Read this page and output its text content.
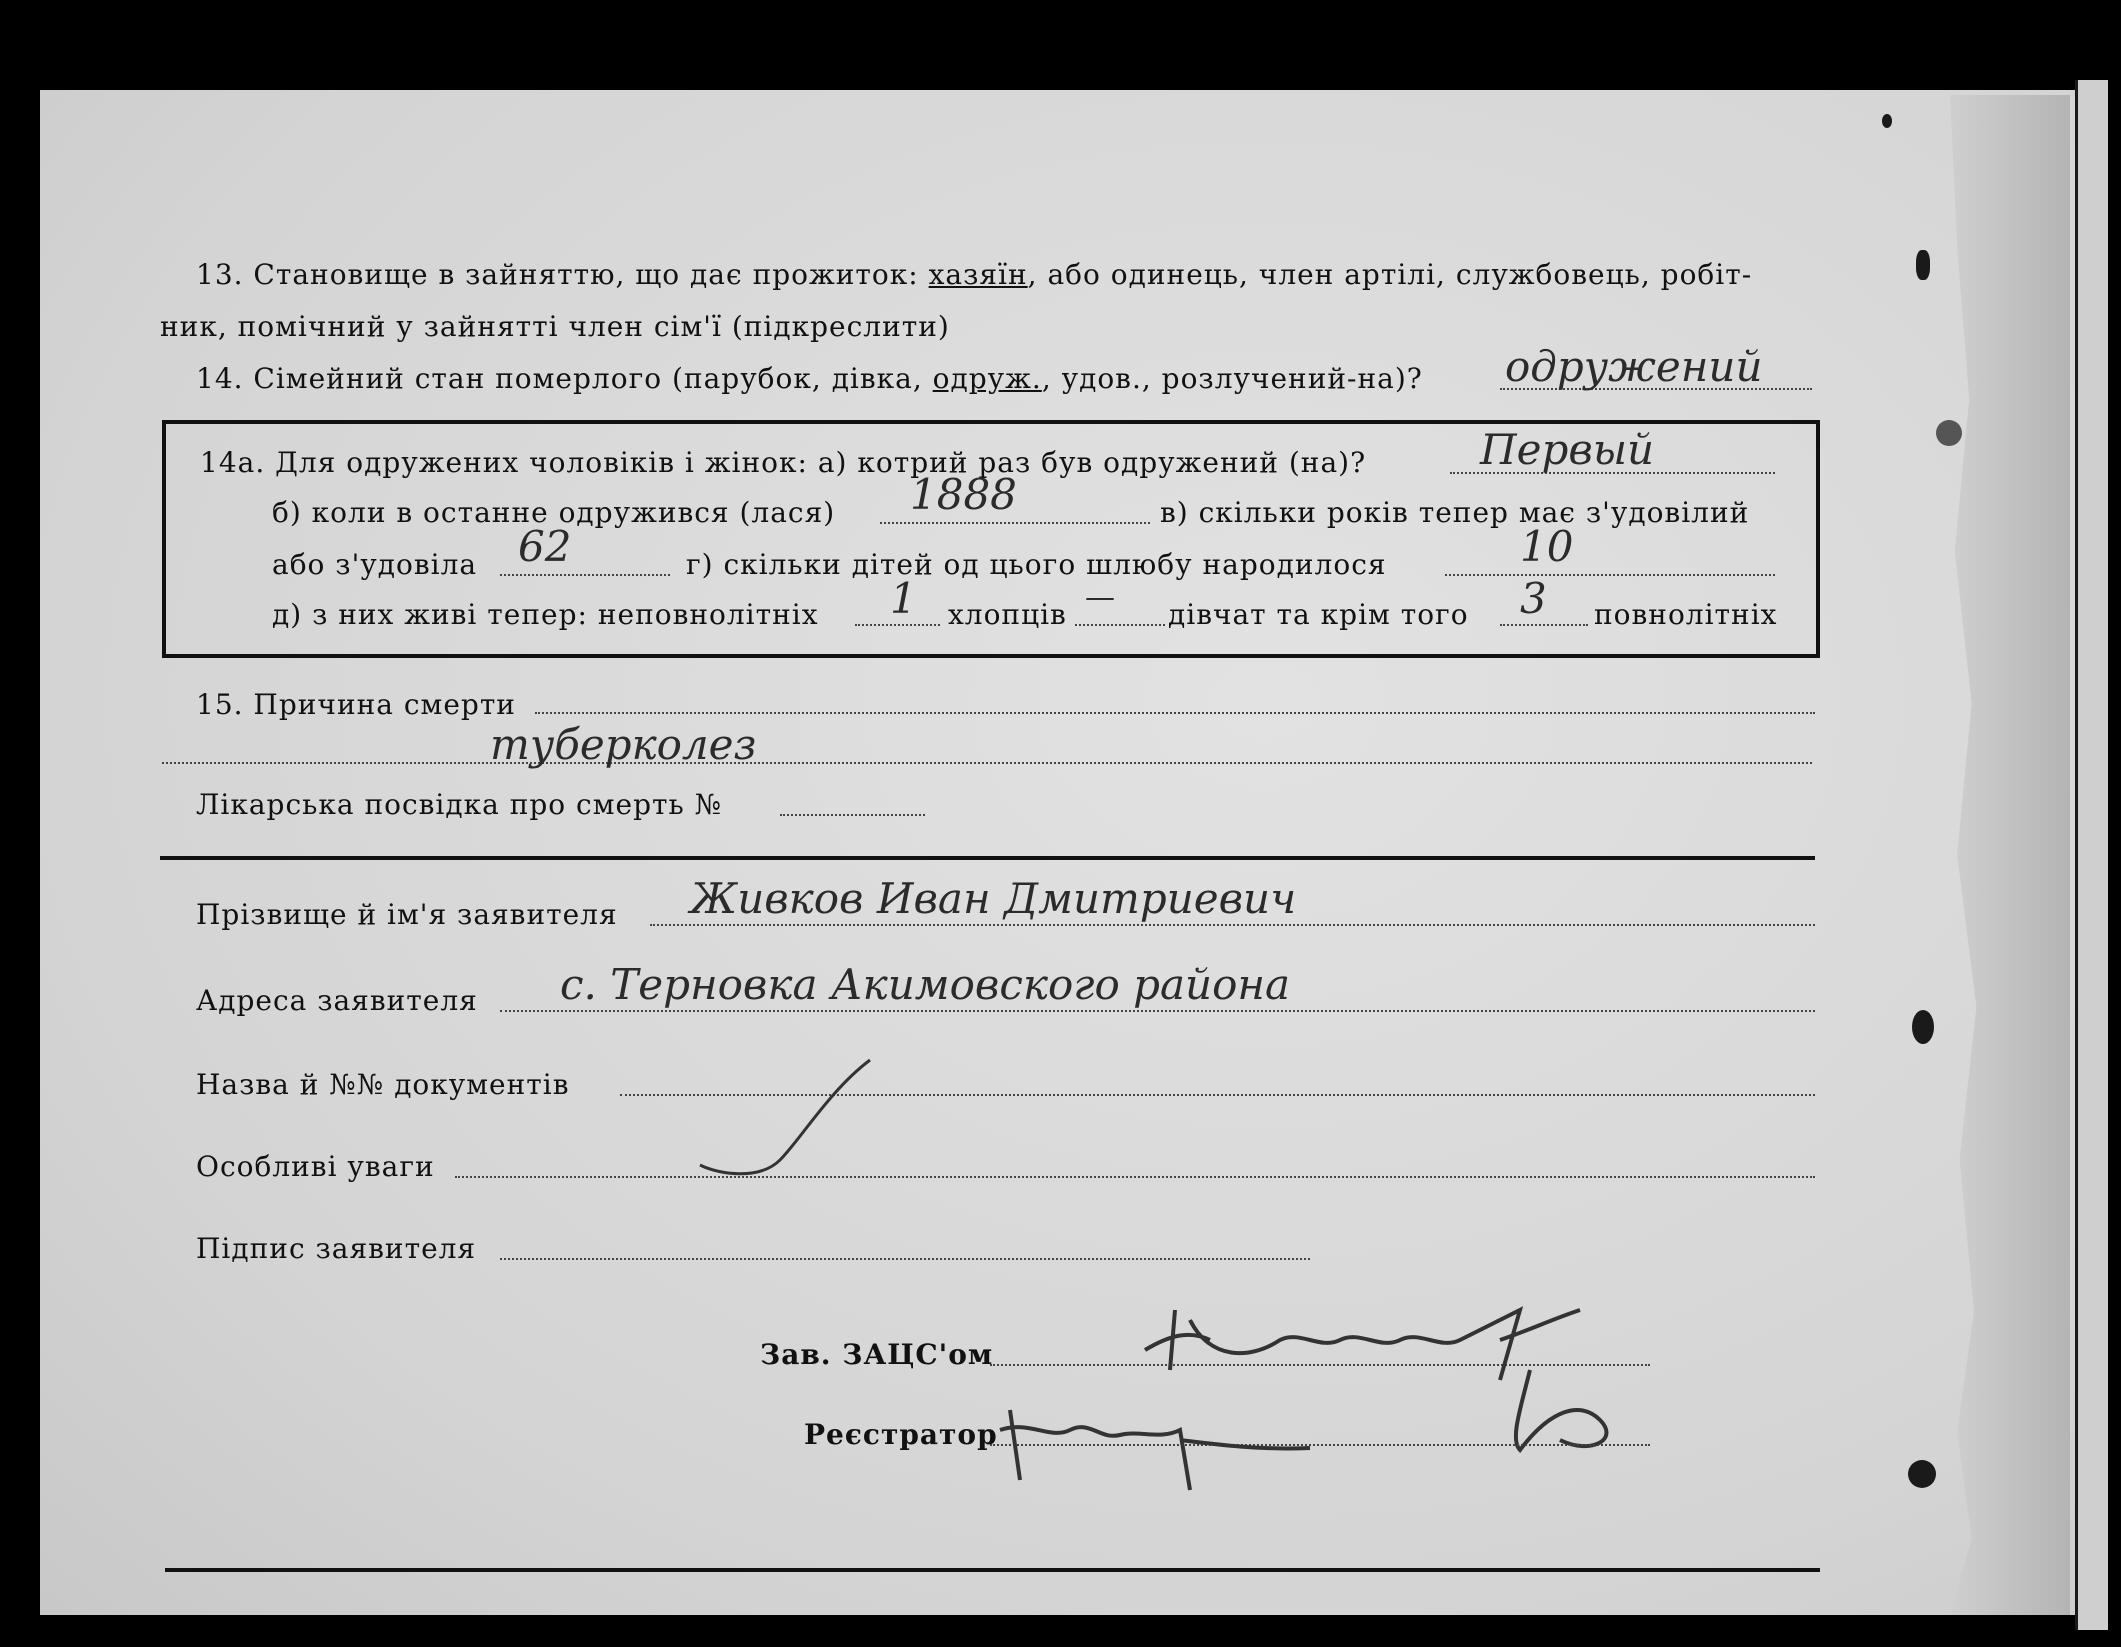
13. Становище в зайняттю, що дає прожиток: хазяїн, або одинець, член артілі, службовець, робіт-
ник, помічний у зайнятті член сім'ї (підкреслити)
14. Сімейний стан померлого (парубок, дівка, одруж., удов., розлучений-на)? одружений
14а. Для одружених чоловіків і жінок: а) котрий раз був одружений (на)?	Первый
б) коли в останне одружився (лася) 1888	в) скільки років тепер має з'удовілий
або з'удовіла 62	г) скільки дітей од цього шлюбу народилося	10
д) з них живі тепер: неповнолітніх 1 хлопців — дівчат та крім того 3 повнолітніх
15. Причина смерти
туберколез
Лікарська посвідка про смерть №
Прізвище й ім'я заявителя Живков Иван Дмитриевич
Адреса заявителя с. Терновка Акимовского района
Назва й №№ документів
Особливі уваги
Підпис заявителя
Зав. ЗАЦС'ом
Реєстратор
